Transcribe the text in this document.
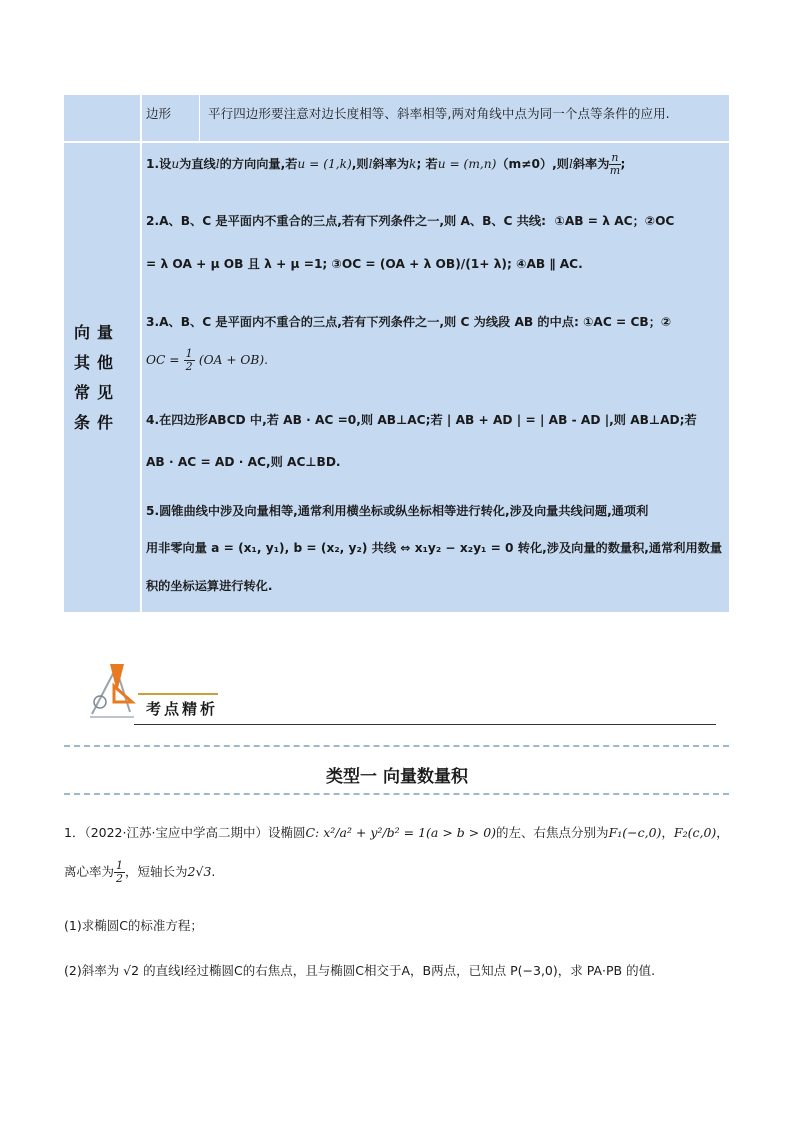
边形	平行四边形要注意对边长度相等、斜率相等,两对角线中点为同一个点等条件的应用.
向量其他常见条件
1.设u为直线l的方向向量,若u = (1,k),则l斜率为k; 若u = (m,n)（m≠0）,则l斜率为 $\frac{n}{m}$ ;
2.A、B、C 是平面内不重合的三点,若有下列条件之一,则 A、B、C 共线: ①AB = λ AC；②OC
= λ OA + μ OB 且 λ + μ =1; ③OC = (OA + λ OB)/(1+ λ); ④AB ∥ AC.
3.A、B、C 是平面内不重合的三点,若有下列条件之一,则 C 为线段 AB 的中点: ①AC = CB；②
OC = $\frac{1}{2} (OA + OB)$.
4.在四边形ABCD 中,若 AB · AC =0,则 AB⊥AC;若 | AB + AD | = | AB - AD |,则 AB⊥AD;若
AB · AC = AD · AC,则 AC⊥BD.
5.圆锥曲线中涉及向量相等,通常利用横坐标或纵坐标相等进行转化,涉及向量共线问题,通项利
用非零向量 a = (x₁, y₁), b = (x₂, y₂) 共线 ⇔ x₁y₂ − x₂y₁ = 0 转化,涉及向量的数量积,通常利用数量
积的坐标运算进行转化.
考点精析
类型一 向量数量积
1．（2022·江苏·宝应中学高二期中）设椭圆C: x²/a² + y²/b² = 1(a > b > 0)的左、右焦点分别为F₁(−c,0)，F₂(c,0)，
离心率为 $\frac{1}{2}$ ，短轴长为2√3.
(1)求椭圆C的标准方程；
(2)斜率为 √2 的直线l经过椭圆C的右焦点，且与椭圆C相交于A，B两点，已知点 P(−3,0)，求 PA·PB 的值.
